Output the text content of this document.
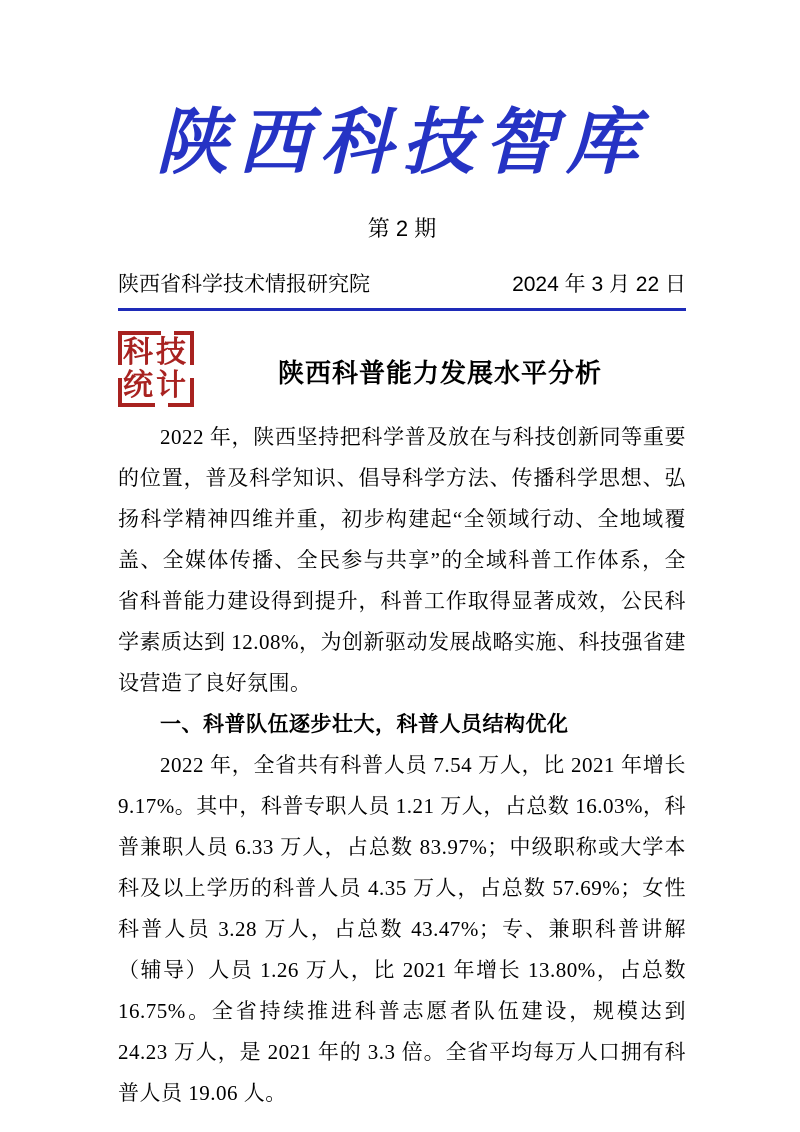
陕西科技智库
第 2 期
陕西省科学技术情报研究院	2024 年 3 月 22 日
科技
统计	陕西科普能力发展水平分析

2022 年，陕西坚持把科学普及放在与科技创新同等重要的位置，普及科学知识、倡导科学方法、传播科学思想、弘扬科学精神四维并重，初步构建起“全领域行动、全地域覆盖、全媒体传播、全民参与共享”的全域科普工作体系，全省科普能力建设得到提升，科普工作取得显著成效，公民科学素质达到 12.08%，为创新驱动发展战略实施、科技强省建设营造了良好氛围。

一、科普队伍逐步壮大，科普人员结构优化

2022 年，全省共有科普人员 7.54 万人，比 2021 年增长 9.17%。其中，科普专职人员 1.21 万人，占总数 16.03%，科普兼职人员 6.33 万人，占总数 83.97%；中级职称或大学本科及以上学历的科普人员 4.35 万人，占总数 57.69%；女性科普人员 3.28 万人，占总数 43.47%；专、兼职科普讲解（辅导）人员 1.26 万人，比 2021 年增长 13.80%，占总数 16.75%。全省持续推进科普志愿者队伍建设，规模达到 24.23 万人，是 2021 年的 3.3 倍。全省平均每万人口拥有科普人员 19.06 人。
